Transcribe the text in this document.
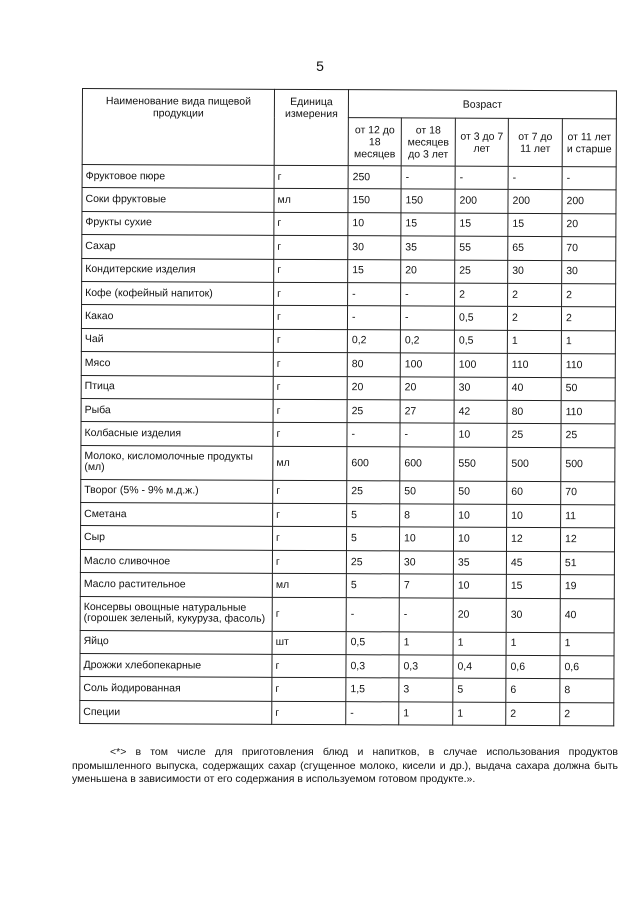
5
Наименование вида пищевой продукции	Единица измерения	Возраст				
		от 12 до 18 месяцев	от 18 месяцев до 3 лет	от 3 до 7 лет	от 7 до 11 лет	от 11 лет и старше
Фруктовое пюре	г	250	-	-	-	-
Соки фруктовые	мл	150	150	200	200	200
Фрукты сухие	г	10	15	15	15	20
Сахар	г	30	35	55	65	70
Кондитерские изделия	г	15	20	25	30	30
Кофе (кофейный напиток)	г	-	-	2	2	2
Какао	г	-	-	0,5	2	2
Чай	г	0,2	0,2	0,5	1	1
Мясо	г	80	100	100	110	110
Птица	г	20	20	30	40	50
Рыба	г	25	27	42	80	110
Колбасные изделия	г	-	-	10	25	25
Молоко, кисломолочные продукты (мл)	мл	600	600	550	500	500
Творог (5% - 9% м.д.ж.)	г	25	50	50	60	70
Сметана	г	5	8	10	10	11
Сыр	г	5	10	10	12	12
Масло сливочное	г	25	30	35	45	51
Масло растительное	мл	5	7	10	15	19
Консервы овощные натуральные (горошек зеленый, кукуруза, фасоль)	г	-	-	20	30	40
Яйцо	шт	0,5	1	1	1	1
Дрожжи хлебопекарные	г	0,3	0,3	0,4	0,6	0,6
Соль йодированная	г	1,5	3	5	6	8
Специи	г	-	1	1	2	2
<*> в том числе для приготовления блюд и напитков, в случае использования продуктов промышленного выпуска, содержащих сахар (сгущенное молоко, кисели и др.), выдача сахара должна быть уменьшена в зависимости от его содержания в используемом готовом продукте.».
